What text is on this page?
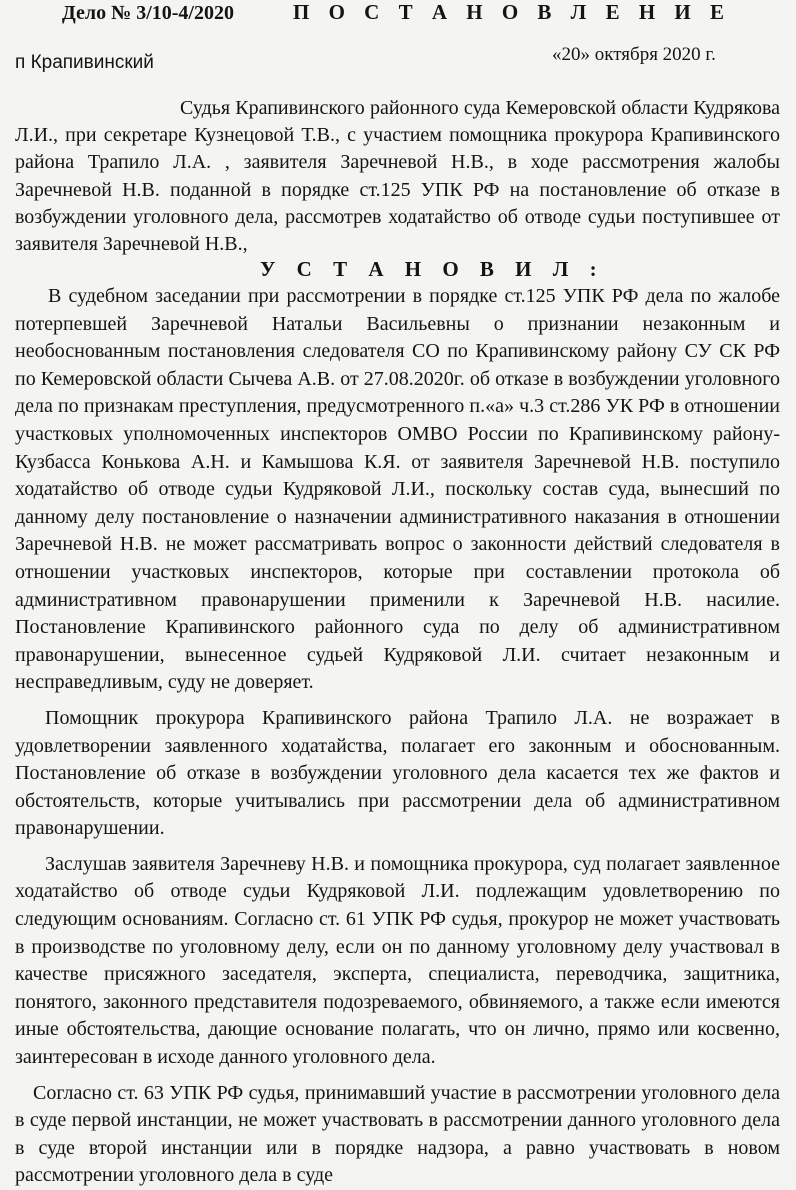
Дело № 3/10-4/2020	П О С Т А Н О В Л Е Н И Е
п Крапивинский	«20» октября 2020 г.
Судья Крапивинского районного суда Кемеровской области Кудрякова Л.И., при секретаре Кузнецовой Т.В., с участием помощника прокурора Крапивинского района Трапило Л.А. , заявителя Заречневой Н.В., в ходе рассмотрения жалобы Заречневой Н.В. поданной в порядке ст.125 УПК РФ на постановление об отказе в возбуждении уголовного дела, рассмотрев ходатайство об отводе судьи поступившее от заявителя Заречневой Н.В.,
У С Т А Н О В И Л :

В судебном заседании при рассмотрении в порядке ст.125 УПК РФ дела по жалобе потерпевшей Заречневой Натальи Васильевны о признании незаконным и необоснованным постановления следователя СО по Крапивинскому району СУ СК РФ по Кемеровской области Сычева А.В. от 27.08.2020г. об отказе в возбуждении уголовного дела по признакам преступления, предусмотренного п.«а» ч.3 ст.286 УК РФ в отношении участковых уполномоченных инспекторов ОМВО России по Крапивинскому району-Кузбасса Конькова А.Н. и Камышова К.Я. от заявителя Заречневой Н.В. поступило ходатайство об отводе судьи Кудряковой Л.И., поскольку состав суда, вынесший по данному делу постановление о назначении административного наказания в отношении Заречневой Н.В. не может рассматривать вопрос о законности действий следователя в отношении участковых инспекторов, которые при составлении протокола об административном правонарушении применили к Заречневой Н.В. насилие. Постановление Крапивинского районного суда по делу об административном правонарушении, вынесенное судьей Кудряковой Л.И. считает незаконным и несправедливым, суду не доверяет.

Помощник прокурора Крапивинского района Трапило Л.А. не возражает в удовлетворении заявленного ходатайства, полагает его законным и обоснованным. Постановление об отказе в возбуждении уголовного дела касается тех же фактов и обстоятельств, которые учитывались при рассмотрении дела об административном правонарушении.

Заслушав заявителя Заречневу Н.В. и помощника прокурора, суд полагает заявленное ходатайство об отводе судьи Кудряковой Л.И. подлежащим удовлетворению по следующим основаниям. Согласно ст. 61 УПК РФ судья, прокурор не может участвовать в производстве по уголовному делу, если он по данному уголовному делу участвовал в качестве присяжного заседателя, эксперта, специалиста, переводчика, защитника, понятого, законного представителя подозреваемого, обвиняемого, а также если имеются иные обстоятельства, дающие основание полагать, что он лично, прямо или косвенно, заинтересован в исходе данного уголовного дела.

Согласно ст. 63 УПК РФ судья, принимавший участие в рассмотрении уголовного дела в суде первой инстанции, не может участвовать в рассмотрении данного уголовного дела в суде второй инстанции или в порядке надзора, а равно участвовать в новом рассмотрении уголовного дела в суде
